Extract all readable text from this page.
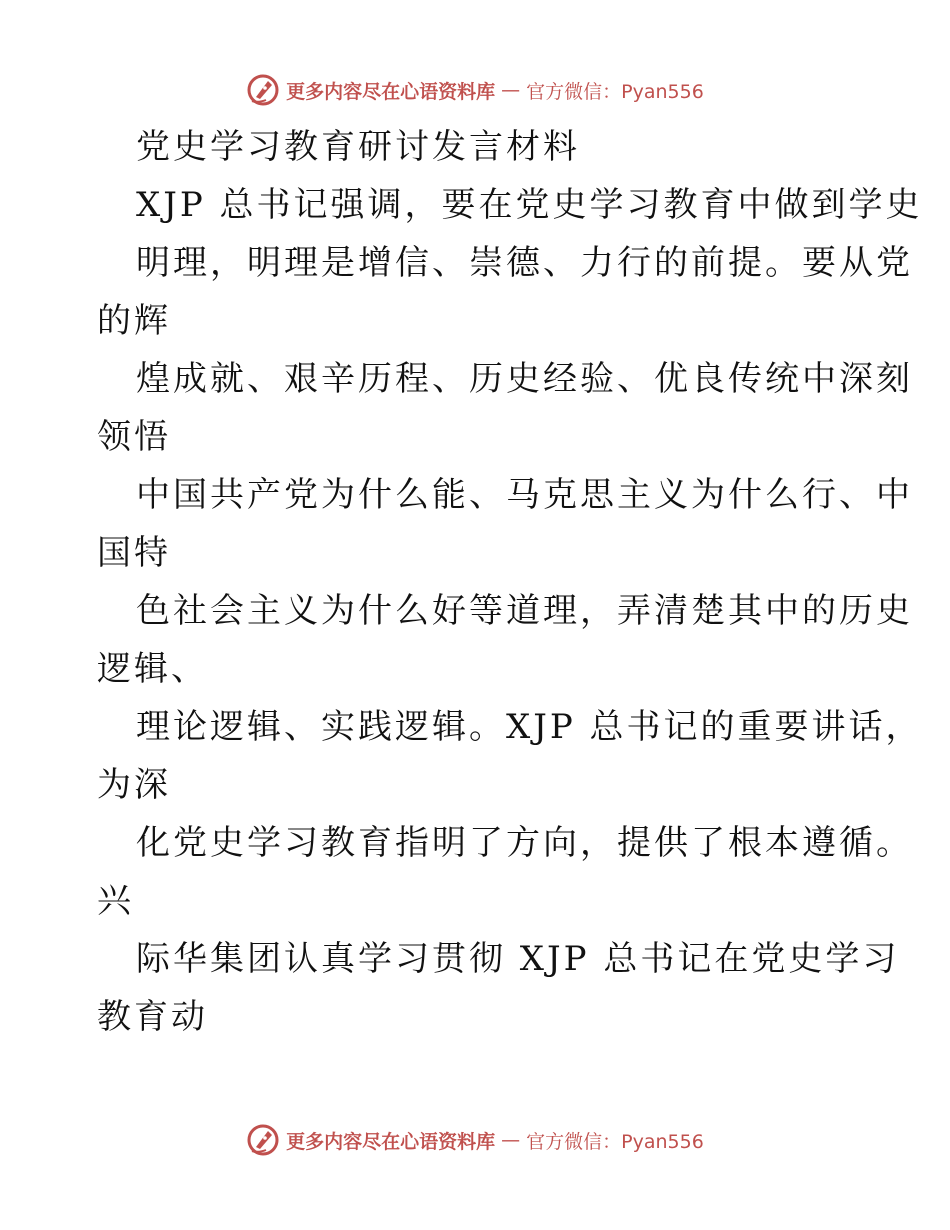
更多内容尽在心语资料库 — 官方微信：Pyan556
党史学习教育研讨发言材料
XJP 总书记强调，要在党史学习教育中做到学史
明理，明理是增信、崇德、力行的前提。要从党
的辉
煌成就、艰辛历程、历史经验、优良传统中深刻
领悟
中国共产党为什么能、马克思主义为什么行、中
国特
色社会主义为什么好等道理，弄清楚其中的历史
逻辑、
理论逻辑、实践逻辑。XJP 总书记的重要讲话，
为深
化党史学习教育指明了方向，提供了根本遵循。
兴
际华集团认真学习贯彻 XJP 总书记在党史学习
教育动
更多内容尽在心语资料库 — 官方微信：Pyan556
